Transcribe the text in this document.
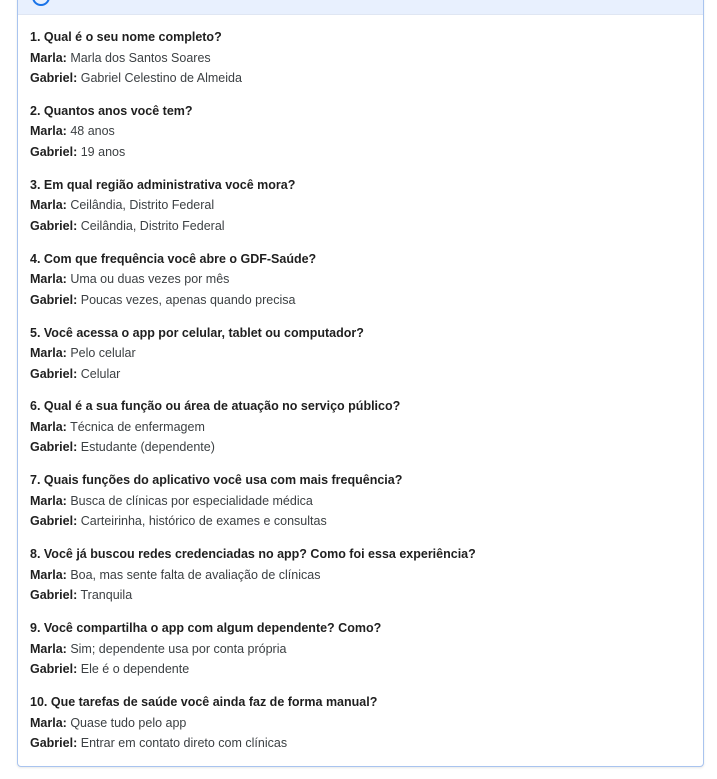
1. Qual é o seu nome completo?
Marla: Marla dos Santos Soares
Gabriel: Gabriel Celestino de Almeida
2. Quantos anos você tem?
Marla: 48 anos
Gabriel: 19 anos
3. Em qual região administrativa você mora?
Marla: Ceilândia, Distrito Federal
Gabriel: Ceilândia, Distrito Federal
4. Com que frequência você abre o GDF-Saúde?
Marla: Uma ou duas vezes por mês
Gabriel: Poucas vezes, apenas quando precisa
5. Você acessa o app por celular, tablet ou computador?
Marla: Pelo celular
Gabriel: Celular
6. Qual é a sua função ou área de atuação no serviço público?
Marla: Técnica de enfermagem
Gabriel: Estudante (dependente)
7. Quais funções do aplicativo você usa com mais frequência?
Marla: Busca de clínicas por especialidade médica
Gabriel: Carteirinha, histórico de exames e consultas
8. Você já buscou redes credenciadas no app? Como foi essa experiência?
Marla: Boa, mas sente falta de avaliação de clínicas
Gabriel: Tranquila
9. Você compartilha o app com algum dependente? Como?
Marla: Sim; dependente usa por conta própria
Gabriel: Ele é o dependente
10. Que tarefas de saúde você ainda faz de forma manual?
Marla: Quase tudo pelo app
Gabriel: Entrar em contato direto com clínicas
